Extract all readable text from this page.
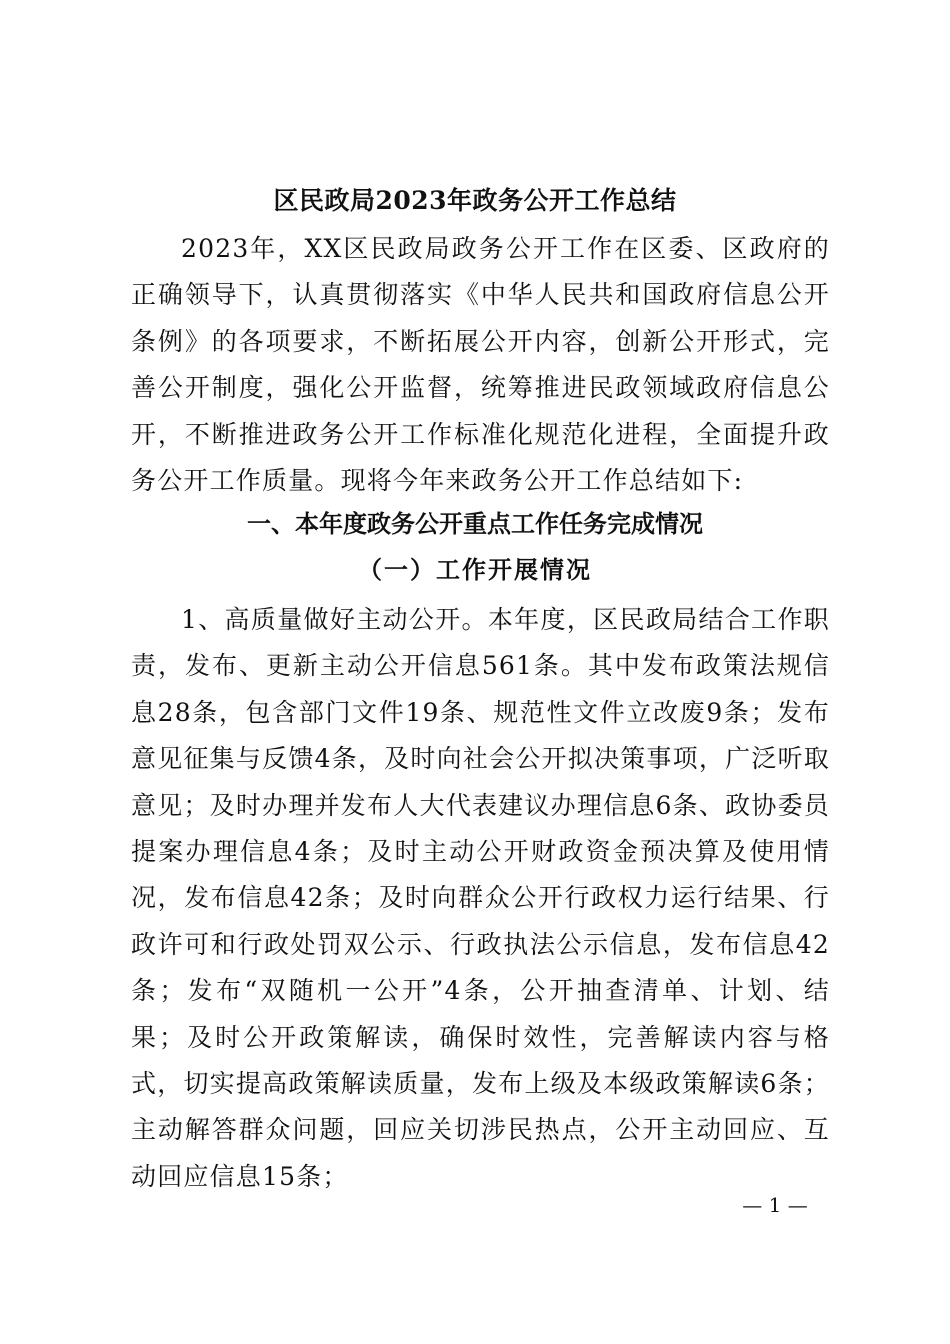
区民政局2023年政务公开工作总结

2023年，XX区民政局政务公开工作在区委、区政府的正确领导下，认真贯彻落实《中华人民共和国政府信息公开条例》的各项要求，不断拓展公开内容，创新公开形式，完善公开制度，强化公开监督，统筹推进民政领域政府信息公开，不断推进政务公开工作标准化规范化进程，全面提升政务公开工作质量。现将今年来政务公开工作总结如下:

一、本年度政务公开重点工作任务完成情况
（一）工作开展情况

1、高质量做好主动公开。本年度，区民政局结合工作职责，发布、更新主动公开信息561条。其中发布政策法规信息28条，包含部门文件19条、规范性文件立改废9条；发布意见征集与反馈4条，及时向社会公开拟决策事项，广泛听取意见；及时办理并发布人大代表建议办理信息6条、政协委员提案办理信息4条；及时主动公开财政资金预决算及使用情况，发布信息42条；及时向群众公开行政权力运行结果、行政许可和行政处罚双公示、行政执法公示信息，发布信息42条；发布“双随机一公开”4条，公开抽查清单、计划、结果；及时公开政策解读，确保时效性，完善解读内容与格式，切实提高政策解读质量，发布上级及本级政策解读6条；主动解答群众问题，回应关切涉民热点，公开主动回应、互动回应信息15条；

— 1 —
